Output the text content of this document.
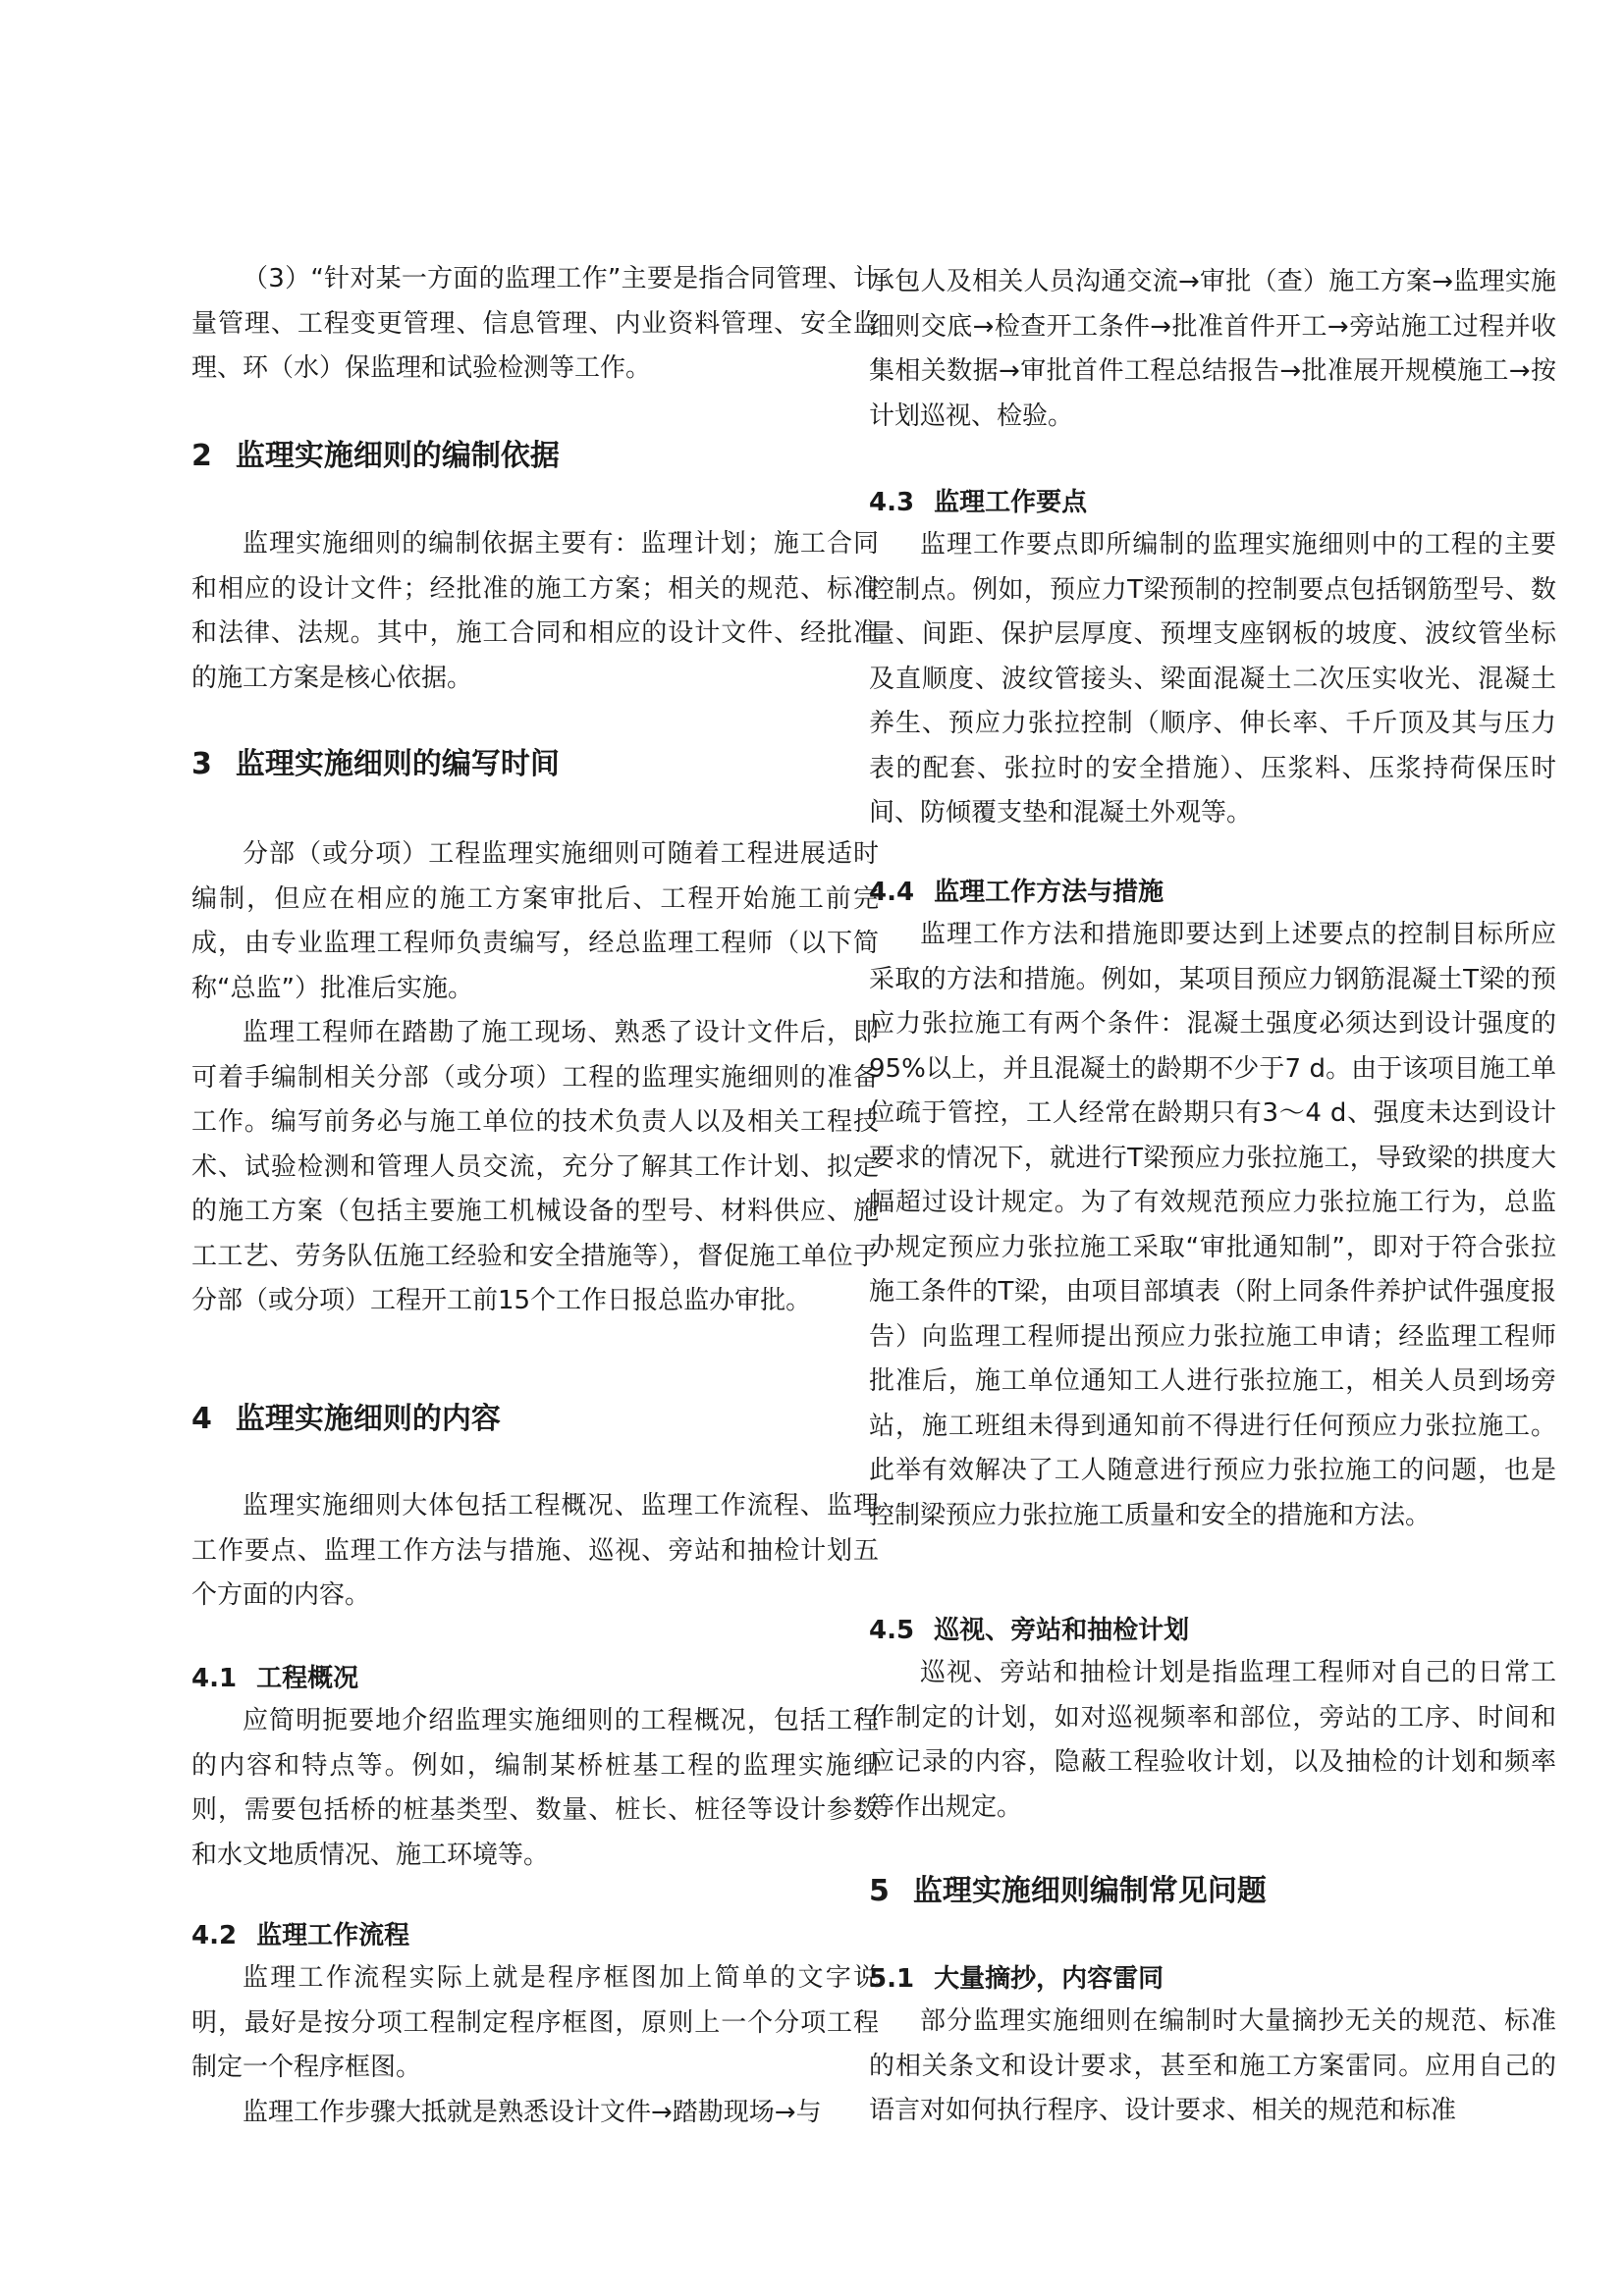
（3）“针对某一方面的监理工作”主要是指合同管理、计量管理、工程变更管理、信息管理、内业资料管理、安全监理、环（水）保监理和试验检测等工作。

2 监理实施细则的编制依据

监理实施细则的编制依据主要有：监理计划；施工合同和相应的设计文件；经批准的施工方案；相关的规范、标准和法律、法规。其中，施工合同和相应的设计文件、经批准的施工方案是核心依据。

3 监理实施细则的编写时间

分部（或分项）工程监理实施细则可随着工程进展适时编制，但应在相应的施工方案审批后、工程开始施工前完成，由专业监理工程师负责编写，经总监理工程师（以下简称“总监”）批准后实施。

监理工程师在踏勘了施工现场、熟悉了设计文件后，即可着手编制相关分部（或分项）工程的监理实施细则的准备工作。编写前务必与施工单位的技术负责人以及相关工程技术、试验检测和管理人员交流，充分了解其工作计划、拟定的施工方案（包括主要施工机械设备的型号、材料供应、施工工艺、劳务队伍施工经验和安全措施等），督促施工单位于分部（或分项）工程开工前15个工作日报总监办审批。

4 监理实施细则的内容

监理实施细则大体包括工程概况、监理工作流程、监理工作要点、监理工作方法与措施、巡视、旁站和抽检计划五个方面的内容。

4.1 工程概况

应简明扼要地介绍监理实施细则的工程概况，包括工程的内容和特点等。例如，编制某桥桩基工程的监理实施细则，需要包括桥的桩基类型、数量、桩长、桩径等设计参数和水文地质情况、施工环境等。

4.2 监理工作流程

监理工作流程实际上就是程序框图加上简单的文字说明，最好是按分项工程制定程序框图，原则上一个分项工程制定一个程序框图。

监理工作步骤大抵就是熟悉设计文件→踏勘现场→与

承包人及相关人员沟通交流→审批（查）施工方案→监理实施细则交底→检查开工条件→批准首件开工→旁站施工过程并收集相关数据→审批首件工程总结报告→批准展开规模施工→按计划巡视、检验。

4.3 监理工作要点

监理工作要点即所编制的监理实施细则中的工程的主要控制点。例如，预应力T梁预制的控制要点包括钢筋型号、数量、间距、保护层厚度、预埋支座钢板的坡度、波纹管坐标及直顺度、波纹管接头、梁面混凝土二次压实收光、混凝土养生、预应力张拉控制（顺序、伸长率、千斤顶及其与压力表的配套、张拉时的安全措施）、压浆料、压浆持荷保压时间、防倾覆支垫和混凝土外观等。

4.4 监理工作方法与措施

监理工作方法和措施即要达到上述要点的控制目标所应采取的方法和措施。例如，某项目预应力钢筋混凝土T梁的预应力张拉施工有两个条件：混凝土强度必须达到设计强度的95%以上，并且混凝土的龄期不少于7 d。由于该项目施工单位疏于管控，工人经常在龄期只有3～4 d、强度未达到设计要求的情况下，就进行T梁预应力张拉施工，导致梁的拱度大幅超过设计规定。为了有效规范预应力张拉施工行为，总监办规定预应力张拉施工采取“审批通知制”，即对于符合张拉施工条件的T梁，由项目部填表（附上同条件养护试件强度报告）向监理工程师提出预应力张拉施工申请；经监理工程师批准后，施工单位通知工人进行张拉施工，相关人员到场旁站，施工班组未得到通知前不得进行任何预应力张拉施工。此举有效解决了工人随意进行预应力张拉施工的问题，也是控制梁预应力张拉施工质量和安全的措施和方法。

4.5 巡视、旁站和抽检计划

巡视、旁站和抽检计划是指监理工程师对自己的日常工作制定的计划，如对巡视频率和部位，旁站的工序、时间和应记录的内容，隐蔽工程验收计划，以及抽检的计划和频率等作出规定。

5 监理实施细则编制常见问题
5.1 大量摘抄，内容雷同

部分监理实施细则在编制时大量摘抄无关的规范、标准的相关条文和设计要求，甚至和施工方案雷同。应用自己的语言对如何执行程序、设计要求、相关的规范和标准
